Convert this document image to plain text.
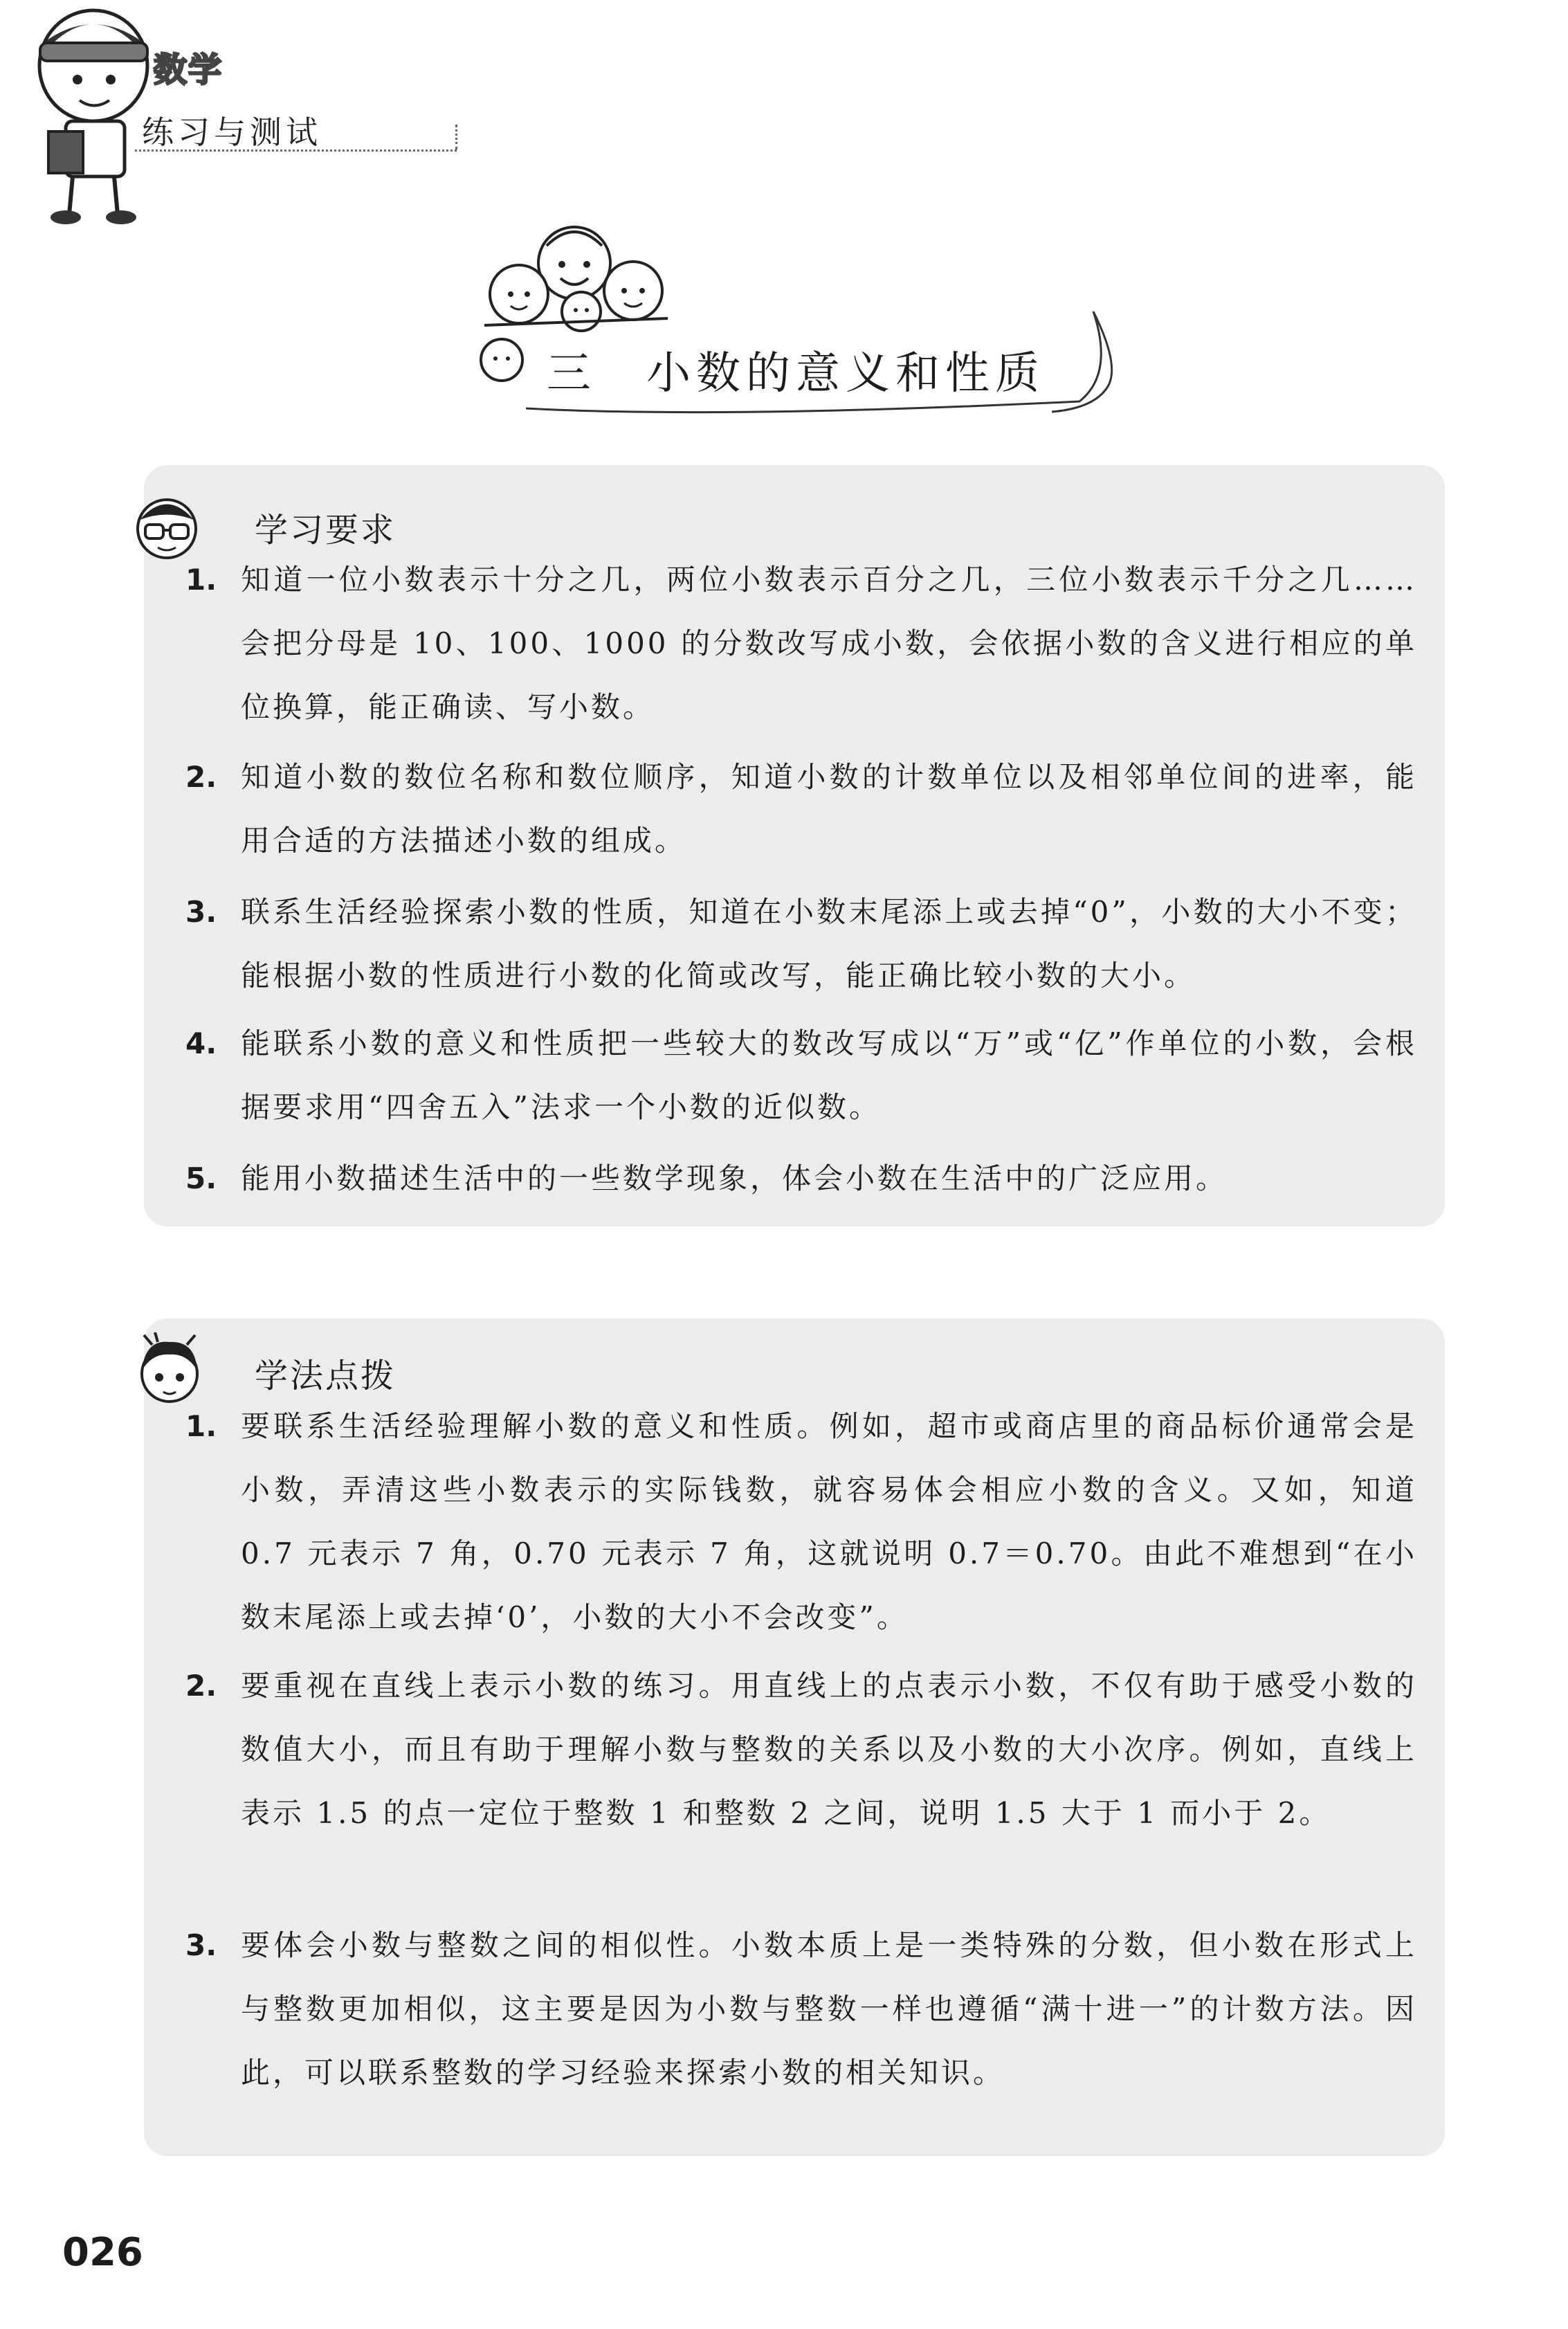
数学
练习与测试
三　小数的意义和性质
学习要求
1. 知道一位小数表示十分之几，两位小数表示百分之几，三位小数表示千分之几……会把分母是 10、100、1000 的分数改写成小数，会依据小数的含义进行相应的单位换算，能正确读、写小数。
2. 知道小数的数位名称和数位顺序，知道小数的计数单位以及相邻单位间的进率，能用合适的方法描述小数的组成。
3. 联系生活经验探索小数的性质，知道在小数末尾添上或去掉“0”，小数的大小不变；能根据小数的性质进行小数的化简或改写，能正确比较小数的大小。
4. 能联系小数的意义和性质把一些较大的数改写成以“万”或“亿”作单位的小数，会根据要求用“四舍五入”法求一个小数的近似数。
5. 能用小数描述生活中的一些数学现象，体会小数在生活中的广泛应用。
学法点拨
1. 要联系生活经验理解小数的意义和性质。例如，超市或商店里的商品标价通常会是小数，弄清这些小数表示的实际钱数，就容易体会相应小数的含义。又如，知道 0.7 元表示 7 角，0.70 元表示 7 角，这就说明 0.7＝0.70。由此不难想到“在小数末尾添上或去掉‘0’，小数的大小不会改变”。
2. 要重视在直线上表示小数的练习。用直线上的点表示小数，不仅有助于感受小数的数值大小，而且有助于理解小数与整数的关系以及小数的大小次序。例如，直线上表示 1.5 的点一定位于整数 1 和整数 2 之间，说明 1.5 大于 1 而小于 2。
3. 要体会小数与整数之间的相似性。小数本质上是一类特殊的分数，但小数在形式上与整数更加相似，这主要是因为小数与整数一样也遵循“满十进一”的计数方法。因此，可以联系整数的学习经验来探索小数的相关知识。
026
